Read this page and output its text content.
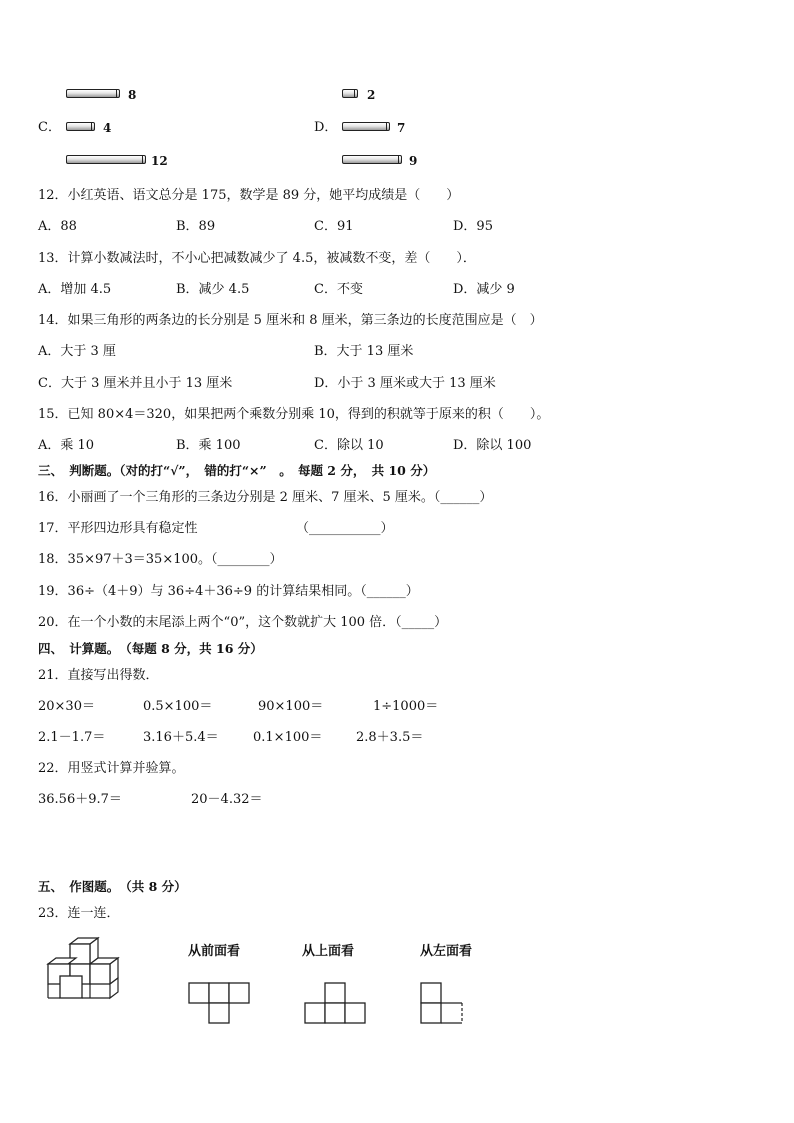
8	2
C．	4	D．	7
12	9
12．小红英语、语文总分是 175，数学是 89 分，她平均成绩是（　　）
A．88	B．89	C．91	D．95
13．计算小数减法时，不小心把减数减少了 4.5，被减数不变，差（　　）．
A．增加 4.5	B．减少 4.5	C．不变	D．减少 9
14．如果三角形的两条边的长分别是 5 厘米和 8 厘米，第三条边的长度范围应是（　）
A．大于 3 厘	B．大于 13 厘米
C．大于 3 厘米并且小于 13 厘米	D．小于 3 厘米或大于 13 厘米
15．已知 80×4＝320，如果把两个乘数分别乘 10，得到的积就等于原来的积（　　）。
A．乘 10	B．乘 100	C．除以 10	D．除以 100
三、　判断题。（对的打“√”，　错的打“×”　。　每题 2 分，　共 10 分）
16．小丽画了一个三角形的三条边分别是 2 厘米、7 厘米、5 厘米。（______）
17．平形四边形具有稳定性	（___________）
18．35×97＋3＝35×100。（________）
19．36÷（4＋9）与 36÷4＋36÷9 的计算结果相同。（______）
20．在一个小数的末尾添上两个“0”，这个数就扩大 100 倍．（_____）
四、　计算题。　（每题 8 分，共 16 分）
21．直接写出得数．
20×30＝	0.5×100＝	90×100＝	1÷1000＝
2.1－1.7＝	3.16＋5.4＝	0.1×100＝	2.8＋3.5＝
22．用竖式计算并验算。
36.56＋9.7＝	20－4.32＝
五、　作图题。　（共 8 分）
23．连一连．
从前面看	从上面看	从左面看
